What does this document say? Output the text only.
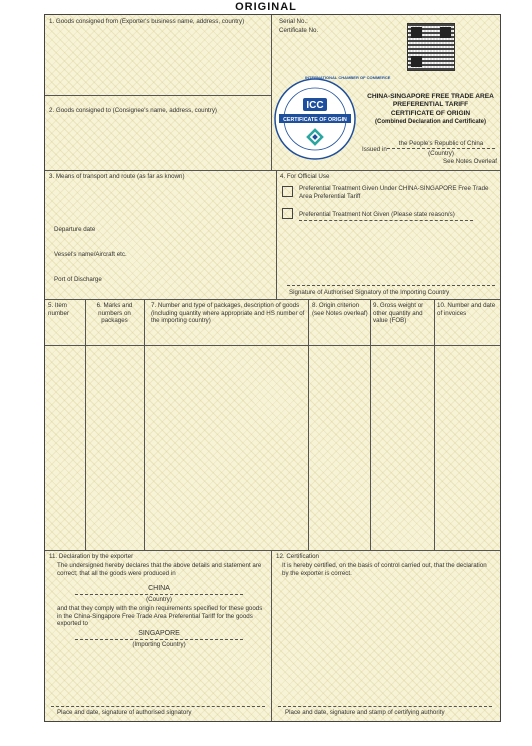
ORIGINAL
1. Goods consigned from (Exporter's business name, address, country)
2. Goods consigned to (Consignee's name, address, country)
Serial No.:
Certificate No.
ICC
CERTIFICATE OF ORIGIN
INTERNATIONAL CHAMBER OF COMMERCE
CHINA-SINGAPORE FREE TRADE AREA
PREFERENTIAL TARIFF
CERTIFICATE OF ORIGIN
(Combined Declaration and Certificate)
Issued in
the People's Republic of China
(Country)
See Notes Overleaf
3. Means of transport and route (as far as known)
Departure date
Vessel's name/Aircraft etc.
Port of Discharge
4. For Official Use
Preferential Treatment Given Under CHINA-SINGAPORE Free Trade Area Preferential Tariff
Preferential Treatment Not Given (Please state reason/s)
Signature of Authorised Signatory of the Importing Country
5. Item number
6. Marks and numbers on packages
7. Number and type of packages, description of goods (including quantity where appropriate and HS number of the importing country)
8. Origin criterion (see Notes overleaf)
9. Gross weight or other quantity and value (FOB)
10. Number and date of invoices
11. Declaration by the exporter
The undersigned hereby declares that the above details and statement are correct; that all the goods were produced in
CHINA
(Country)
and that they comply with the origin requirements specified for these goods in the China-Singapore Free Trade Area Preferential Tariff for the goods exported to
SINGAPORE
(Importing Country)
Place and date, signature of authorised signatory
12. Certification
It is hereby certified, on the basis of control carried out, that the declaration by the exporter is correct.
Place and date, signature and stamp of certifying authority
